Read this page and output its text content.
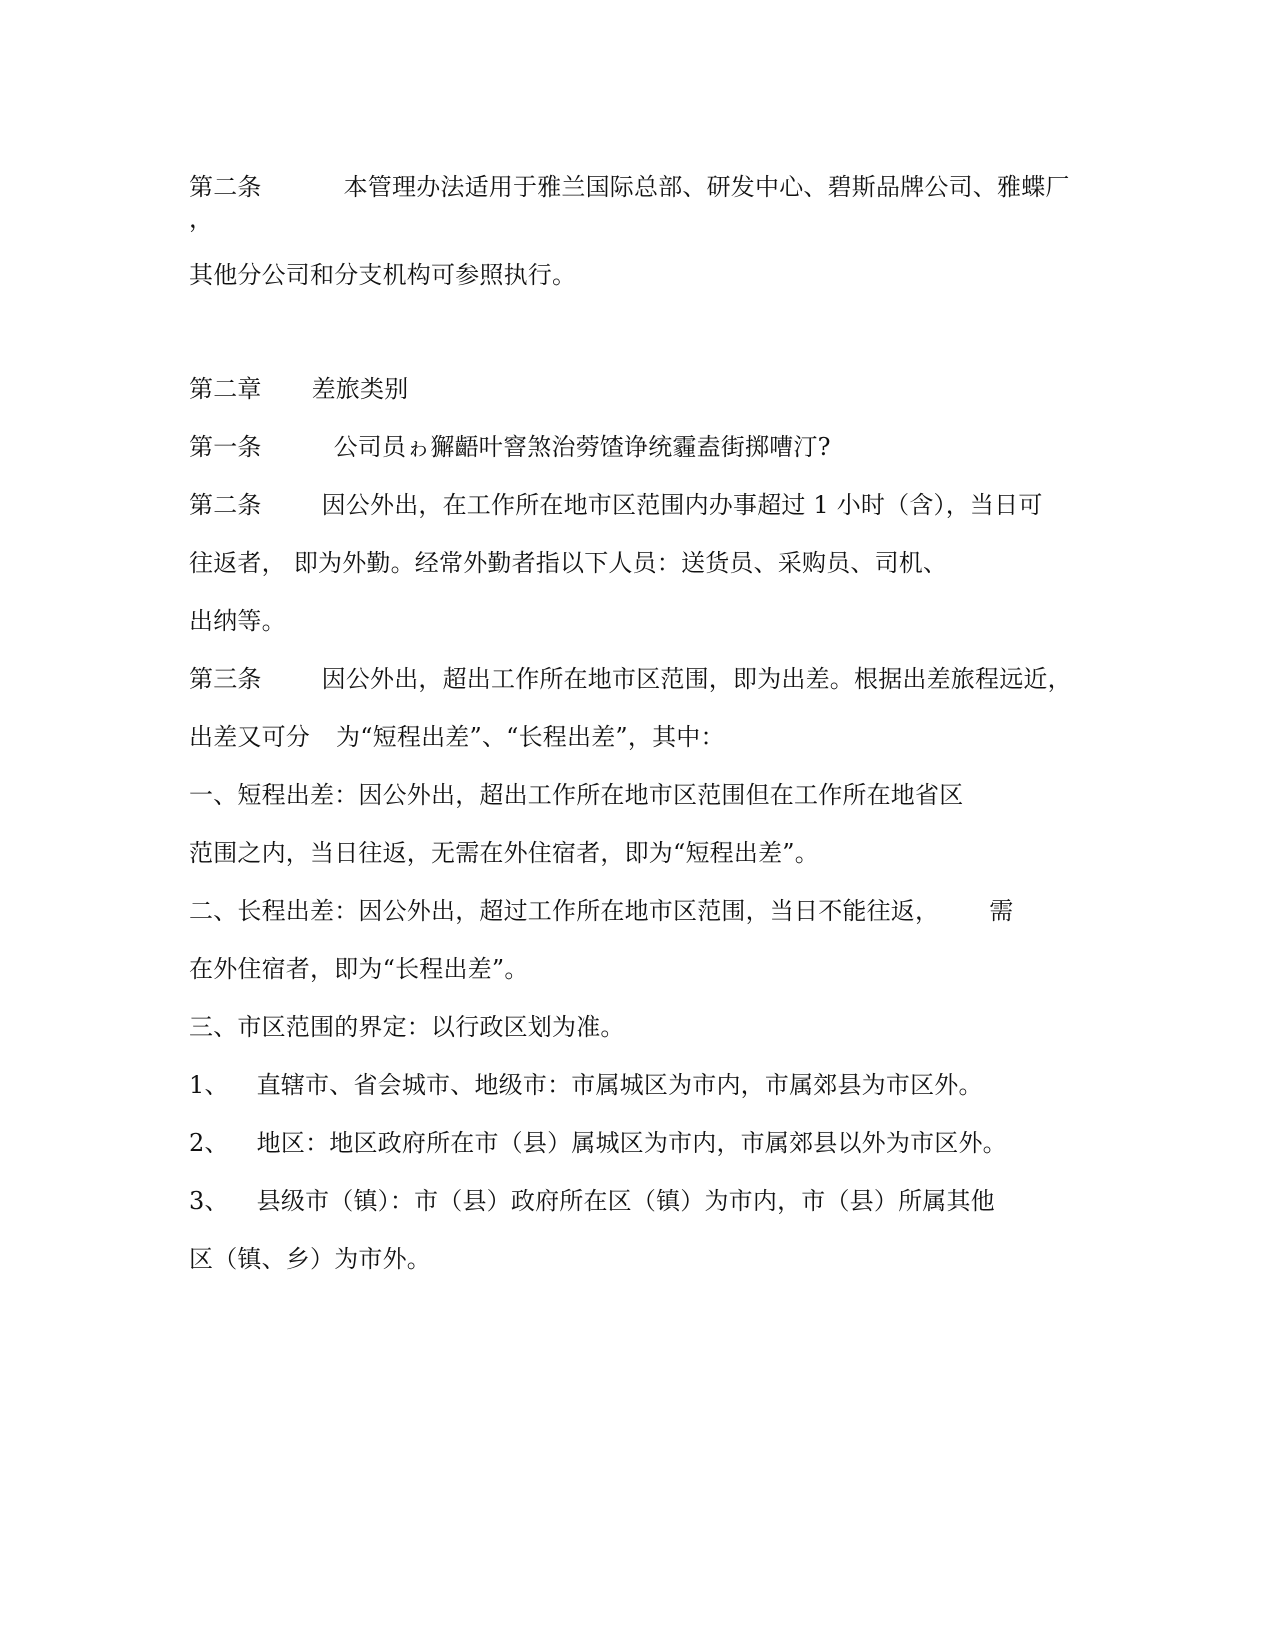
第二条	本管理办法适用于雅兰国际总部、研发中心、碧斯品牌公司、雅蝶厂
，
其他分公司和分支机构可参照执行。
第二章 差旅类别
第一条	公司员ゎ獬齬叶窨煞治䓖馇诤统霾盍街掷嘈汀?
第二条	因公外出，在工作所在地市区范围内办事超过 1 小时（含），当日可
往返者， 即为外勤。经常外勤者指以下人员：送货员、采购员、司机、
出纳等。
第三条	因公外出，超出工作所在地市区范围，即为出差。根据出差旅程远近，
出差又可分 为“短程出差”、“长程出差”，其中：
一、短程出差：因公外出，超出工作所在地市区范围但在工作所在地省区
范围之内，当日往返，无需在外住宿者，即为“短程出差”。
二、长程出差：因公外出，超过工作所在地市区范围，当日不能往返， 需
在外住宿者，即为“长程出差”。
三、市区范围的界定：以行政区划为准。
1、 直辖市、省会城市、地级市：市属城区为市内，市属郊县为市区外。
2、 地区：地区政府所在市（县）属城区为市内，市属郊县以外为市区外。
3、 县级市（镇）：市（县）政府所在区（镇）为市内，市（县）所属其他
区（镇、乡）为市外。
